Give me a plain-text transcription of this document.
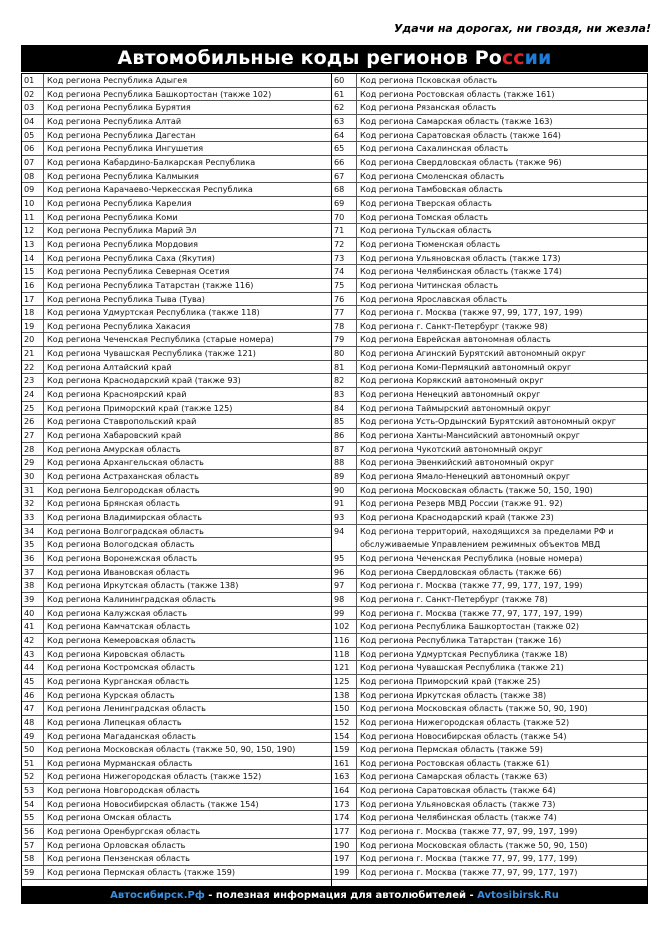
Удачи на дорогах, ни гвоздя, ни жезла!
Автомобильные коды регионов России
01	Код региона Республика Адыгея
02	Код региона Республика Башкортостан (также 102)
03	Код региона Республика Бурятия
04	Код региона Республика Алтай
05	Код региона Республика Дагестан
06	Код региона Республика Ингушетия
07	Код региона Кабардино-Балкарская Республика
08	Код региона Республика Калмыкия
09	Код региона Карачаево-Черкесская Республика
10	Код региона Республика Карелия
11	Код региона Республика Коми
12	Код региона Республика Марий Эл
13	Код региона Республика Мордовия
14	Код региона Республика Саха (Якутия)
15	Код региона Республика Северная Осетия
16	Код региона Республика Татарстан (также 116)
17	Код региона Республика Тыва (Тува)
18	Код региона Удмуртская Республика (также 118)
19	Код региона Республика Хакасия
20	Код региона Чеченская Республика (старые номера)
21	Код региона Чувашская Республика (также 121)
22	Код региона Алтайский край
23	Код региона Краснодарский край (также 93)
24	Код региона Красноярский край
25	Код региона Приморский край (также 125)
26	Код региона Ставропольский край
27	Код региона Хабаровский край
28	Код региона Амурская область
29	Код региона Архангельская область
30	Код региона Астраханская область
31	Код региона Белгородская область
32	Код региона Брянская область
33	Код региона Владимирская область
34	Код региона Волгоградская область
35	Код региона Вологодская область
36	Код региона Воронежская область
37	Код региона Ивановская область
38	Код региона Иркутская область (также 138)
39	Код региона Калининградская область
40	Код региона Калужская область
41	Код региона Камчатская область
42	Код региона Кемеровская область
43	Код региона Кировская область
44	Код региона Костромская область
45	Код региона Курганская область
46	Код региона Курская область
47	Код региона Ленинградская область
48	Код региона Липецкая область
49	Код региона Магаданская область
50	Код региона Московская область (также 50, 90, 150, 190)
51	Код региона Мурманская область
52	Код региона Нижегородская область (также 152)
53	Код региона Новгородская область
54	Код региона Новосибирская область (также 154)
55	Код региона Омская область
56	Код региона Оренбургская область
57	Код региона Орловская область
58	Код региона Пензенская область
59	Код региона Пермская область (также 159)
60	Код региона Псковская область
61	Код региона Ростовская область (также 161)
62	Код региона Рязанская область
63	Код региона Самарская область (также 163)
64	Код региона Саратовская область (также 164)
65	Код региона Сахалинская область
66	Код региона Свердловская область (также 96)
67	Код региона Смоленская область
68	Код региона Тамбовская область
69	Код региона Тверская область
70	Код региона Томская область
71	Код региона Тульская область
72	Код региона Тюменская область
73	Код региона Ульяновская область (также 173)
74	Код региона Челябинская область (также 174)
75	Код региона Читинская область
76	Код региона Ярославская область
77	Код региона г. Москва (также 97, 99, 177, 197, 199)
78	Код региона г. Санкт-Петербург (также 98)
79	Код региона Еврейская автономная область
80	Код региона Агинский Бурятский автономный округ
81	Код региона Коми-Пермяцкий автономный округ
82	Код региона Корякский автономный округ
83	Код региона Ненецкий автономный округ
84	Код региона Таймырский автономный округ
85	Код региона Усть-Ордынский Бурятский автономный округ
86	Код региона Ханты-Мансийский автономный округ
87	Код региона Чукотский автономный округ
88	Код региона Эвенкийский автономный округ
89	Код региона Ямало-Ненецкий автономный округ
90	Код региона Московская область (также 50, 150, 190)
91	Код региона Резерв МВД России (также 91. 92)
93	Код региона Краснодарский край (также 23)
94	Код региона территорий, находящихся за пределами РФ и обслуживаемые Управлением режимных объектов МВД
95	Код региона Чеченская Республика (новые номера)
96	Код региона Свердловская область (также 66)
97	Код региона г. Москва (также 77, 99, 177, 197, 199)
98	Код региона г. Санкт-Петербург (также 78)
99	Код региона г. Москва (также 77, 97, 177, 197, 199)
102	Код региона Республика Башкортостан (также 02)
116	Код региона Республика Татарстан (также 16)
118	Код региона Удмуртская Республика (также 18)
121	Код региона Чувашская Республика (также 21)
125	Код региона Приморский край (также 25)
138	Код региона Иркутская область (также 38)
150	Код региона Московская область (также 50, 90, 190)
152	Код региона Нижегородская область (также 52)
154	Код региона Новосибирская область (также 54)
159	Код региона Пермская область (также 59)
161	Код региона Ростовская область (также 61)
163	Код региона Самарская область (также 63)
164	Код региона Саратовская область (также 64)
173	Код региона Ульяновская область (также 73)
174	Код региона Челябинская область (также 74)
177	Код региона г. Москва (также 77, 97, 99, 197, 199)
190	Код региона Московская область (также 50, 90, 150)
197	Код региона г. Москва (также 77, 97, 99, 177, 199)
199	Код региона г. Москва (также 77, 97, 99, 177, 197)
Автосибирск.Рф - полезная информация для автолюбителей - Avtosibirsk.Ru
